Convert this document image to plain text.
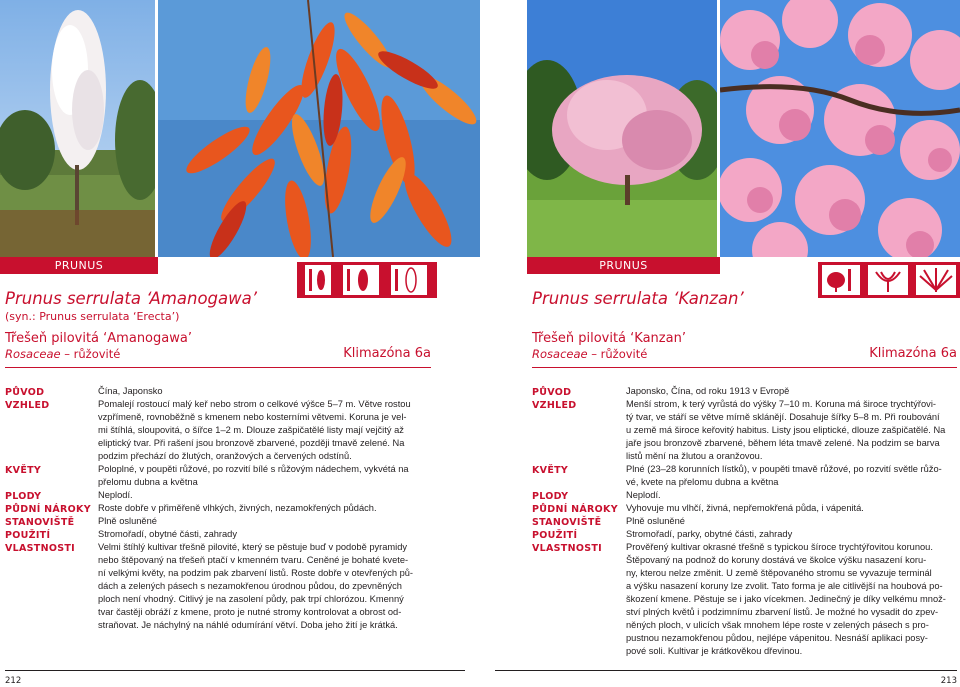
PRUNUS
Prunus serrulata ‘Amanogawa’
(syn.: Prunus serrulata ‘Erecta’)
Třešeň pilovitá ‘Amanogawa’
Rosaceae – růžovité	Klimazóna 6a
PŮVOD
VZHLED
KVĚTY
PLODY
PŮDNÍ NÁROKY
STANOVIŠTĚ
POUŽITÍ
VLASTNOSTI
Čína, Japonsko
Pomalejí rostoucí malý keř nebo strom o celkové výšce 5–7 m. Větve rostou
vzpřímeně, rovnoběžně s kmenem nebo kosterními větvemi. Koruna je vel-
mi štíhlá, sloupovitá, o šířce 1–2 m. Dlouze zašpičatělé listy mají vejčitý až
eliptický tvar. Při rašení jsou bronzově zbarvené, později tmavě zelené. Na
podzim přechází do žlutých, oranžových a červených odstínů.
Poloplné, v poupěti růžové, po rozvití bílé s růžovým nádechem, vykvétá na
přelomu dubna a května
Neplodí.
Roste dobře v přiměřeně vlhkých, živných, nezamokřených půdách.
Plně osluněné
Stromořadí, obytné části, zahrady
Velmi štíhlý kultivar třešně pilovité, který se pěstuje buď v podobě pyramidy
nebo štěpovaný na třešeň ptačí v kmenném tvaru. Ceněné je bohaté kvete-
ní velkými květy, na podzim pak zbarvení listů. Roste dobře v otevřených pů-
dách a zelených pásech s nezamokřenou úrodnou půdou, do zpevněných
ploch není vhodný. Citlivý je na zasolení půdy, pak trpí chlorózou. Kmenný
tvar častěji obráží z kmene, proto je nutné stromy kontrolovat a obrost od-
straňovat. Je náchylný na náhlé odumírání větví. Doba jeho žití je krátká.
212
PRUNUS
Prunus serrulata ‘Kanzan’
Třešeň pilovitá ‘Kanzan’
Rosaceae – růžovité	Klimazóna 6a
PŮVOD
VZHLED
KVĚTY
PLODY
PŮDNÍ NÁROKY
STANOVIŠTĚ
POUŽITÍ
VLASTNOSTI
Japonsko, Čína, od roku 1913 v Evropě
Menší strom, k terý vyrůstá do výšky 7–10 m. Koruna má široce trychtýřovi-
tý tvar, ve stáří se větve mírně sklánějí. Dosahuje šířky 5–8 m. Při roubování
u země má široce keřovitý habitus. Listy jsou eliptické, dlouze zašpičatělé. Na
jaře jsou bronzově zbarvené, během léta tmavě zelené. Na podzim se barva
listů mění na žlutou a oranžovou.
Plné (23–28 korunních lístků), v poupěti tmavě růžové, po rozvití světle růžo-
vé, kvete na přelomu dubna a května
Neplodí.
Vyhovuje mu vlhčí, živná, nepřemokřená půda, i vápenitá.
Plně osluněné
Stromořadí, parky, obytné části, zahrady
Prověřený kultivar okrasné třešně s typickou šírocе trychtýřovitou korunou.
Štěpovaný na podnož do koruny dostává ve školce výšku nasazení koru-
ny, kterou nelze změnit. U země štěpovaného stromu se vyvazuje terminál
a výšku nasazení koruny lze zvolit. Tato forma je ale citlivější na houbová po-
škození kmene. Pěstuje se i jako vícekmen. Jedinečný je díky velkému množ-
ství plných květů i podzimnímu zbarvení listů. Je možné ho vysadit do zpev-
něných ploch, v ulicích však mnohem lépe roste v zelených pásech s pro-
pustnou nezamokřenou půdou, nejlépe vápenitou. Nesnáší aplikaci posy-
pové soli. Kultivar je krátkověkou dřevinou.
213
